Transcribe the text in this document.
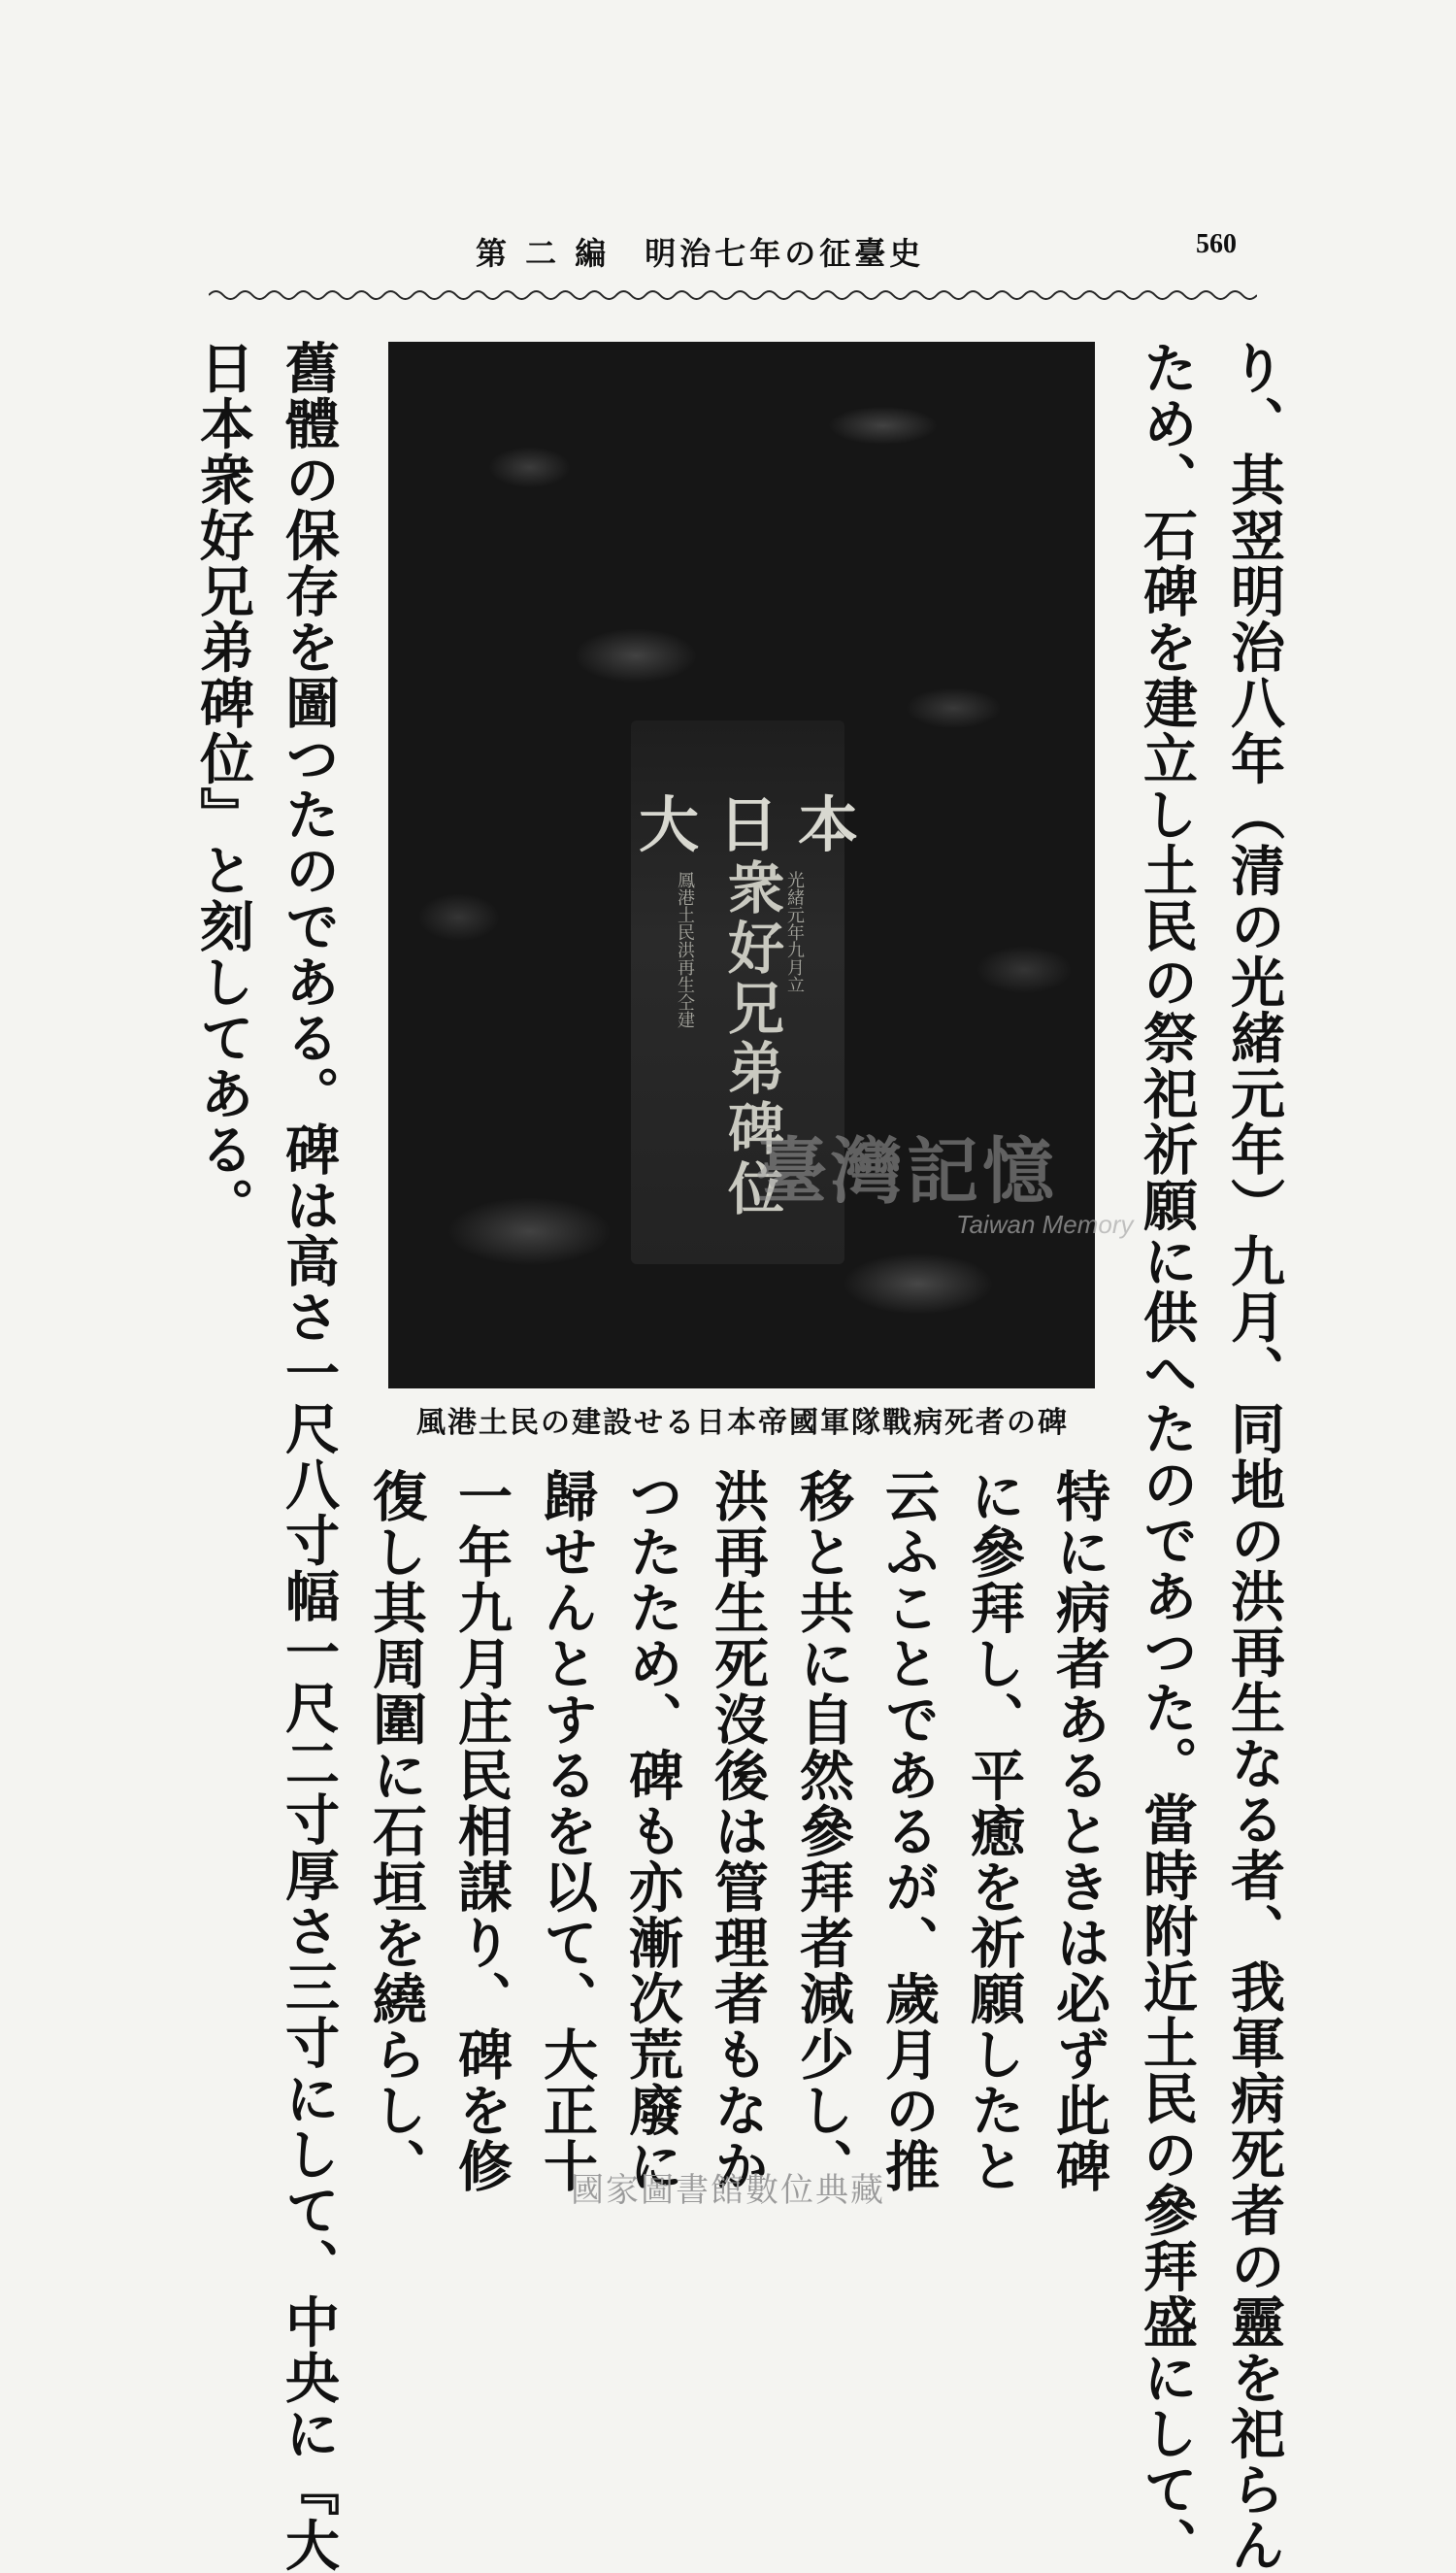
560
第 二 編　明治七年の征臺史
り、其翌明治八年（清の光緒元年）九月、同地の洪再生なる者、我軍病死者の靈を祀らん
ため、石碑を建立し土民の祭祀祈願に供へたのであつた。當時附近土民の參拜盛にして、
大日本
衆好兄弟碑位 光緒元年九月立
鳳港土民洪再生仝建
臺灣記憶
Taiwan Memory
風港土民の建設せる日本帝國軍隊戰病死者の碑
特に病者あるときは必ず此碑
に參拜し、平癒を祈願したと
云ふことであるが、歲月の推
移と共に自然參拜者減少し、
洪再生死沒後は管理者もなか
つたため、碑も亦漸次荒廢に
歸せんとするを以て、大正十
一年九月庄民相謀り、碑を修
復し其周圍に石垣を繞らし、
舊體の保存を圖つたのである。碑は高さ一尺八寸幅一尺二寸厚さ三寸にして、中央に『大
日本衆好兄弟碑位』と刻してある。
國家圖書館數位典藏
